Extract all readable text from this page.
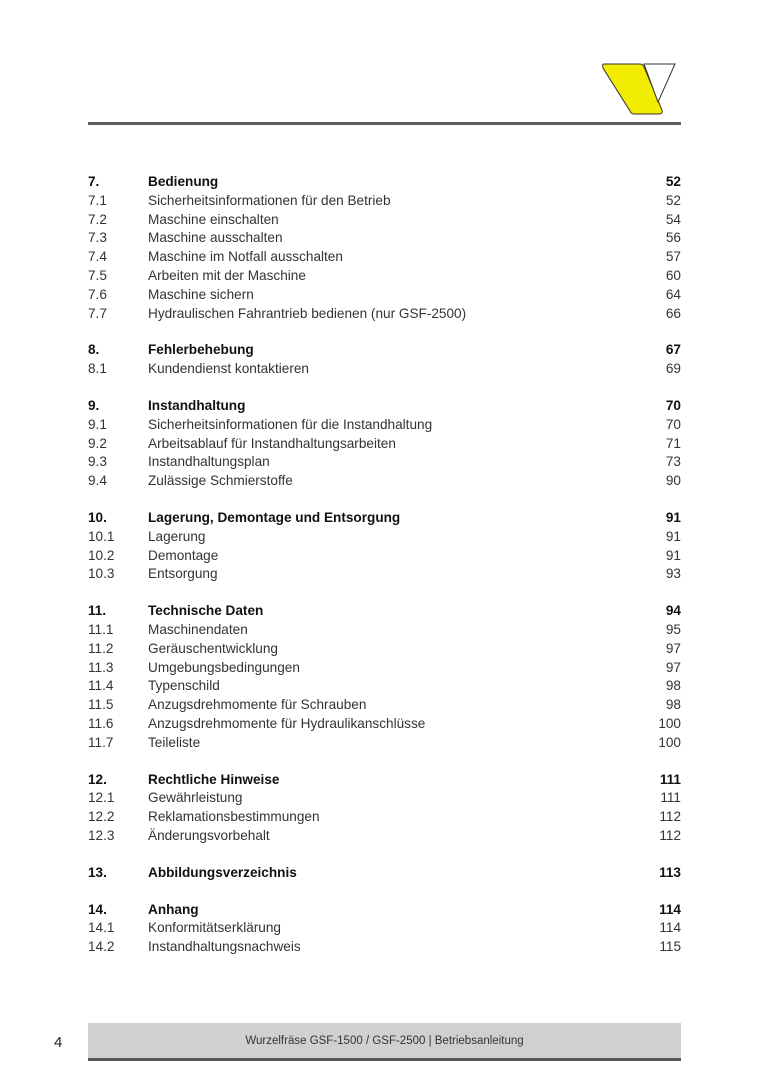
7.	Bedienung	52
7.1	Sicherheitsinformationen für den Betrieb	52
7.2	Maschine einschalten	54
7.3	Maschine ausschalten	56
7.4	Maschine im Notfall ausschalten	57
7.5	Arbeiten mit der Maschine	60
7.6	Maschine sichern	64
7.7	Hydraulischen Fahrantrieb bedienen (nur GSF-2500)	66
8.	Fehlerbehebung	67
8.1	Kundendienst kontaktieren	69
9.	Instandhaltung	70
9.1	Sicherheitsinformationen für die Instandhaltung	70
9.2	Arbeitsablauf für Instandhaltungsarbeiten	71
9.3	Instandhaltungsplan	73
9.4	Zulässige Schmierstoffe	90
10.	Lagerung, Demontage und Entsorgung	91
10.1	Lagerung	91
10.2	Demontage	91
10.3	Entsorgung	93
11.	Technische Daten	94
11.1	Maschinendaten	95
11.2	Geräuschentwicklung	97
11.3	Umgebungsbedingungen	97
11.4	Typenschild	98
11.5	Anzugsdrehmomente für Schrauben	98
11.6	Anzugsdrehmomente für Hydraulikanschlüsse	100
11.7	Teileliste	100
12.	Rechtliche Hinweise	111
12.1	Gewährleistung	111
12.2	Reklamationsbestimmungen	112
12.3	Änderungsvorbehalt	112
13.	Abbildungsverzeichnis	113
14.	Anhang	114
14.1	Konformitätserklärung	114
14.2	Instandhaltungsnachweis	115
4	Wurzelfräse GSF-1500 / GSF-2500 | Betriebsanleitung
